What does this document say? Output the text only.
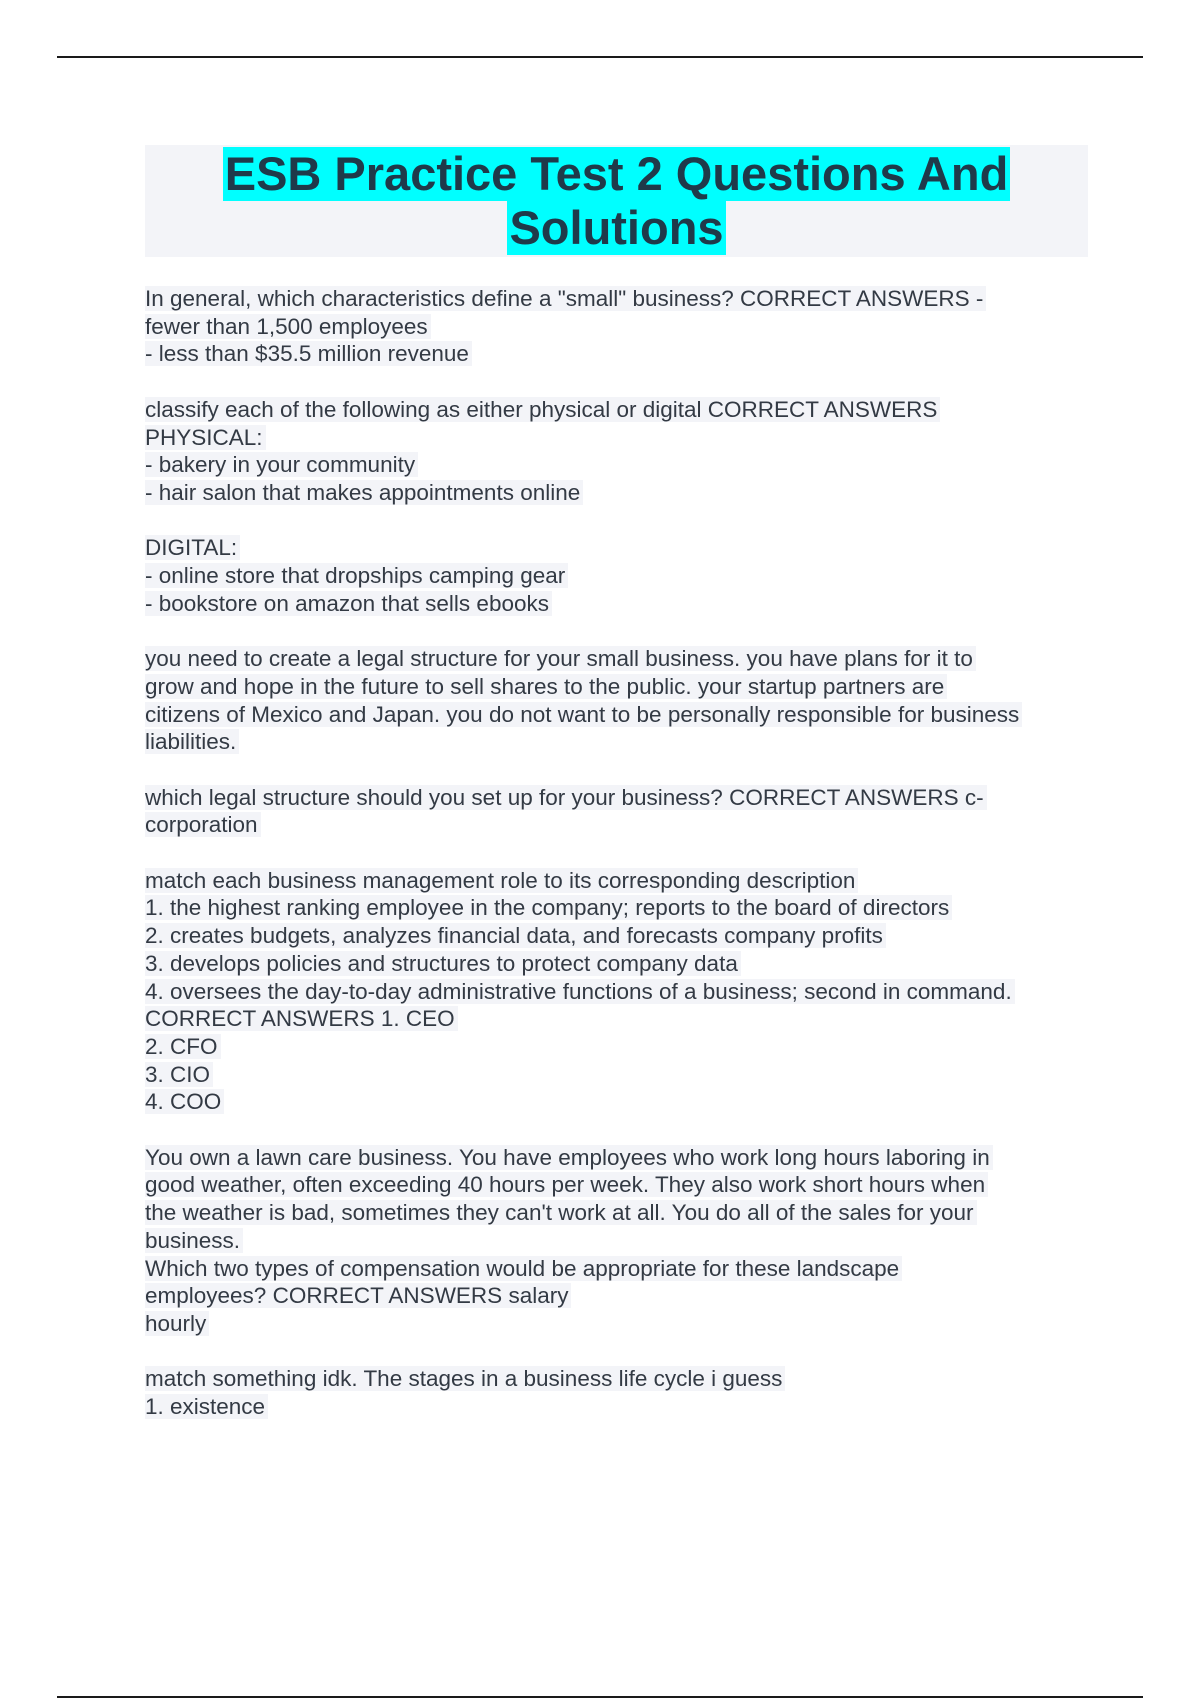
ESB Practice Test 2 Questions And
Solutions
In general, which characteristics define a "small" business? CORRECT ANSWERS -
fewer than 1,500 employees
- less than $35.5 million revenue
classify each of the following as either physical or digital CORRECT ANSWERS
PHYSICAL:
- bakery in your community
- hair salon that makes appointments online
DIGITAL:
- online store that dropships camping gear
- bookstore on amazon that sells ebooks
you need to create a legal structure for your small business. you have plans for it to
grow and hope in the future to sell shares to the public. your startup partners are
citizens of Mexico and Japan. you do not want to be personally responsible for business
liabilities.
which legal structure should you set up for your business? CORRECT ANSWERS c-
corporation
match each business management role to its corresponding description
1. the highest ranking employee in the company; reports to the board of directors
2. creates budgets, analyzes financial data, and forecasts company profits
3. develops policies and structures to protect company data
4. oversees the day-to-day administrative functions of a business; second in command.
CORRECT ANSWERS 1. CEO
2. CFO
3. CIO
4. COO
You own a lawn care business. You have employees who work long hours laboring in
good weather, often exceeding 40 hours per week. They also work short hours when
the weather is bad, sometimes they can't work at all. You do all of the sales for your
business.
Which two types of compensation would be appropriate for these landscape
employees? CORRECT ANSWERS salary
hourly
match something idk. The stages in a business life cycle i guess
1. existence
